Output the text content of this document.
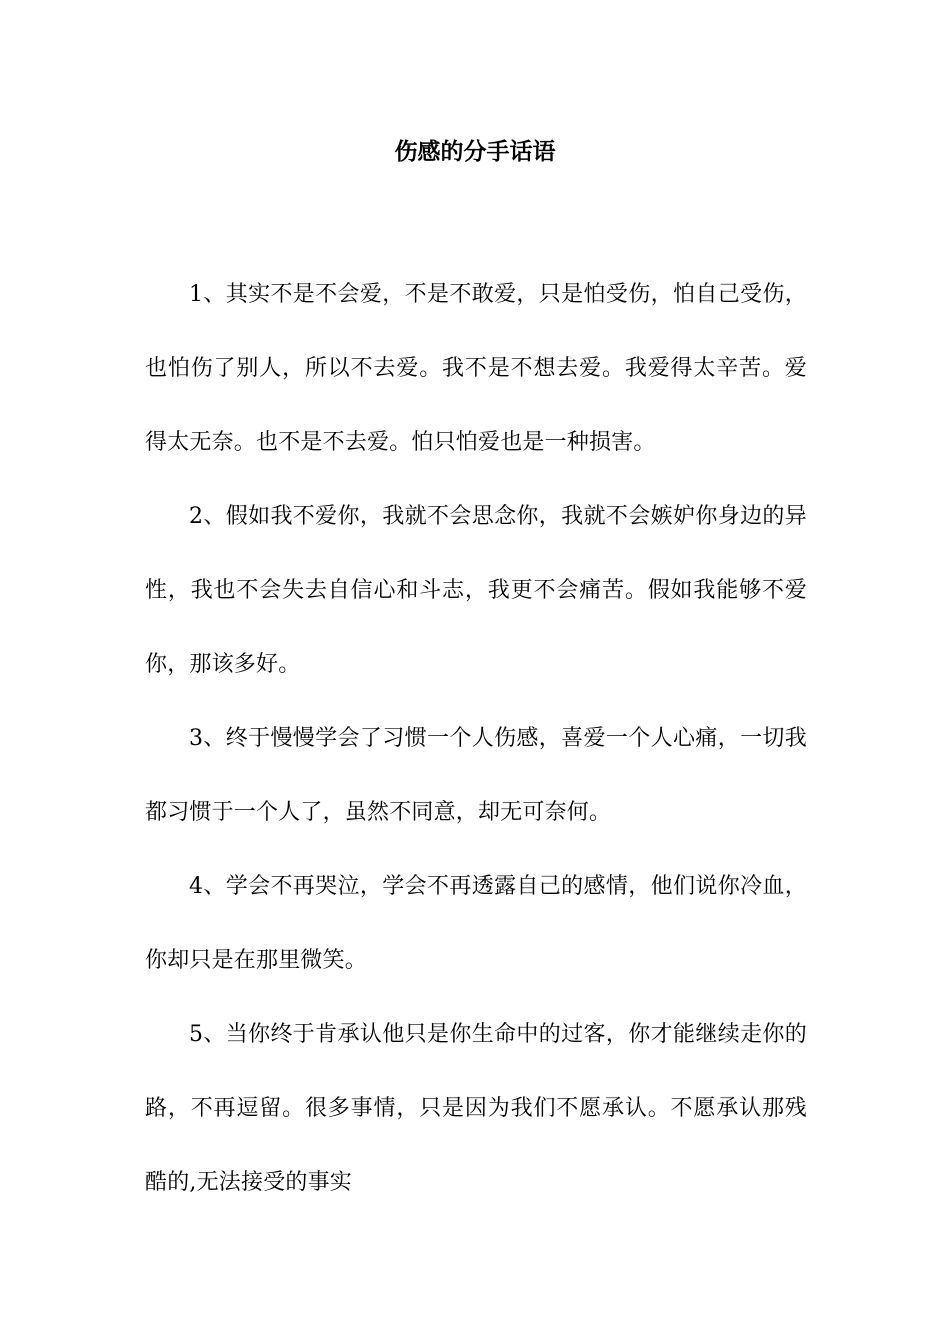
伤感的分手话语

1、其实不是不会爱，不是不敢爱，只是怕受伤，怕自己受伤，也怕伤了别人，所以不去爱。我不是不想去爱。我爱得太辛苦。爱得太无奈。也不是不去爱。怕只怕爱也是一种损害。

2、假如我不爱你，我就不会思念你，我就不会嫉妒你身边的异性，我也不会失去自信心和斗志，我更不会痛苦。假如我能够不爱你，那该多好。

3、终于慢慢学会了习惯一个人伤感，喜爱一个人心痛，一切我都习惯于一个人了，虽然不同意，却无可奈何。

4、学会不再哭泣，学会不再透露自己的感情，他们说你冷血，你却只是在那里微笑。

5、当你终于肯承认他只是你生命中的过客，你才能继续走你的路，不再逗留。很多事情，只是因为我们不愿承认。不愿承认那残酷的,无法接受的事实
